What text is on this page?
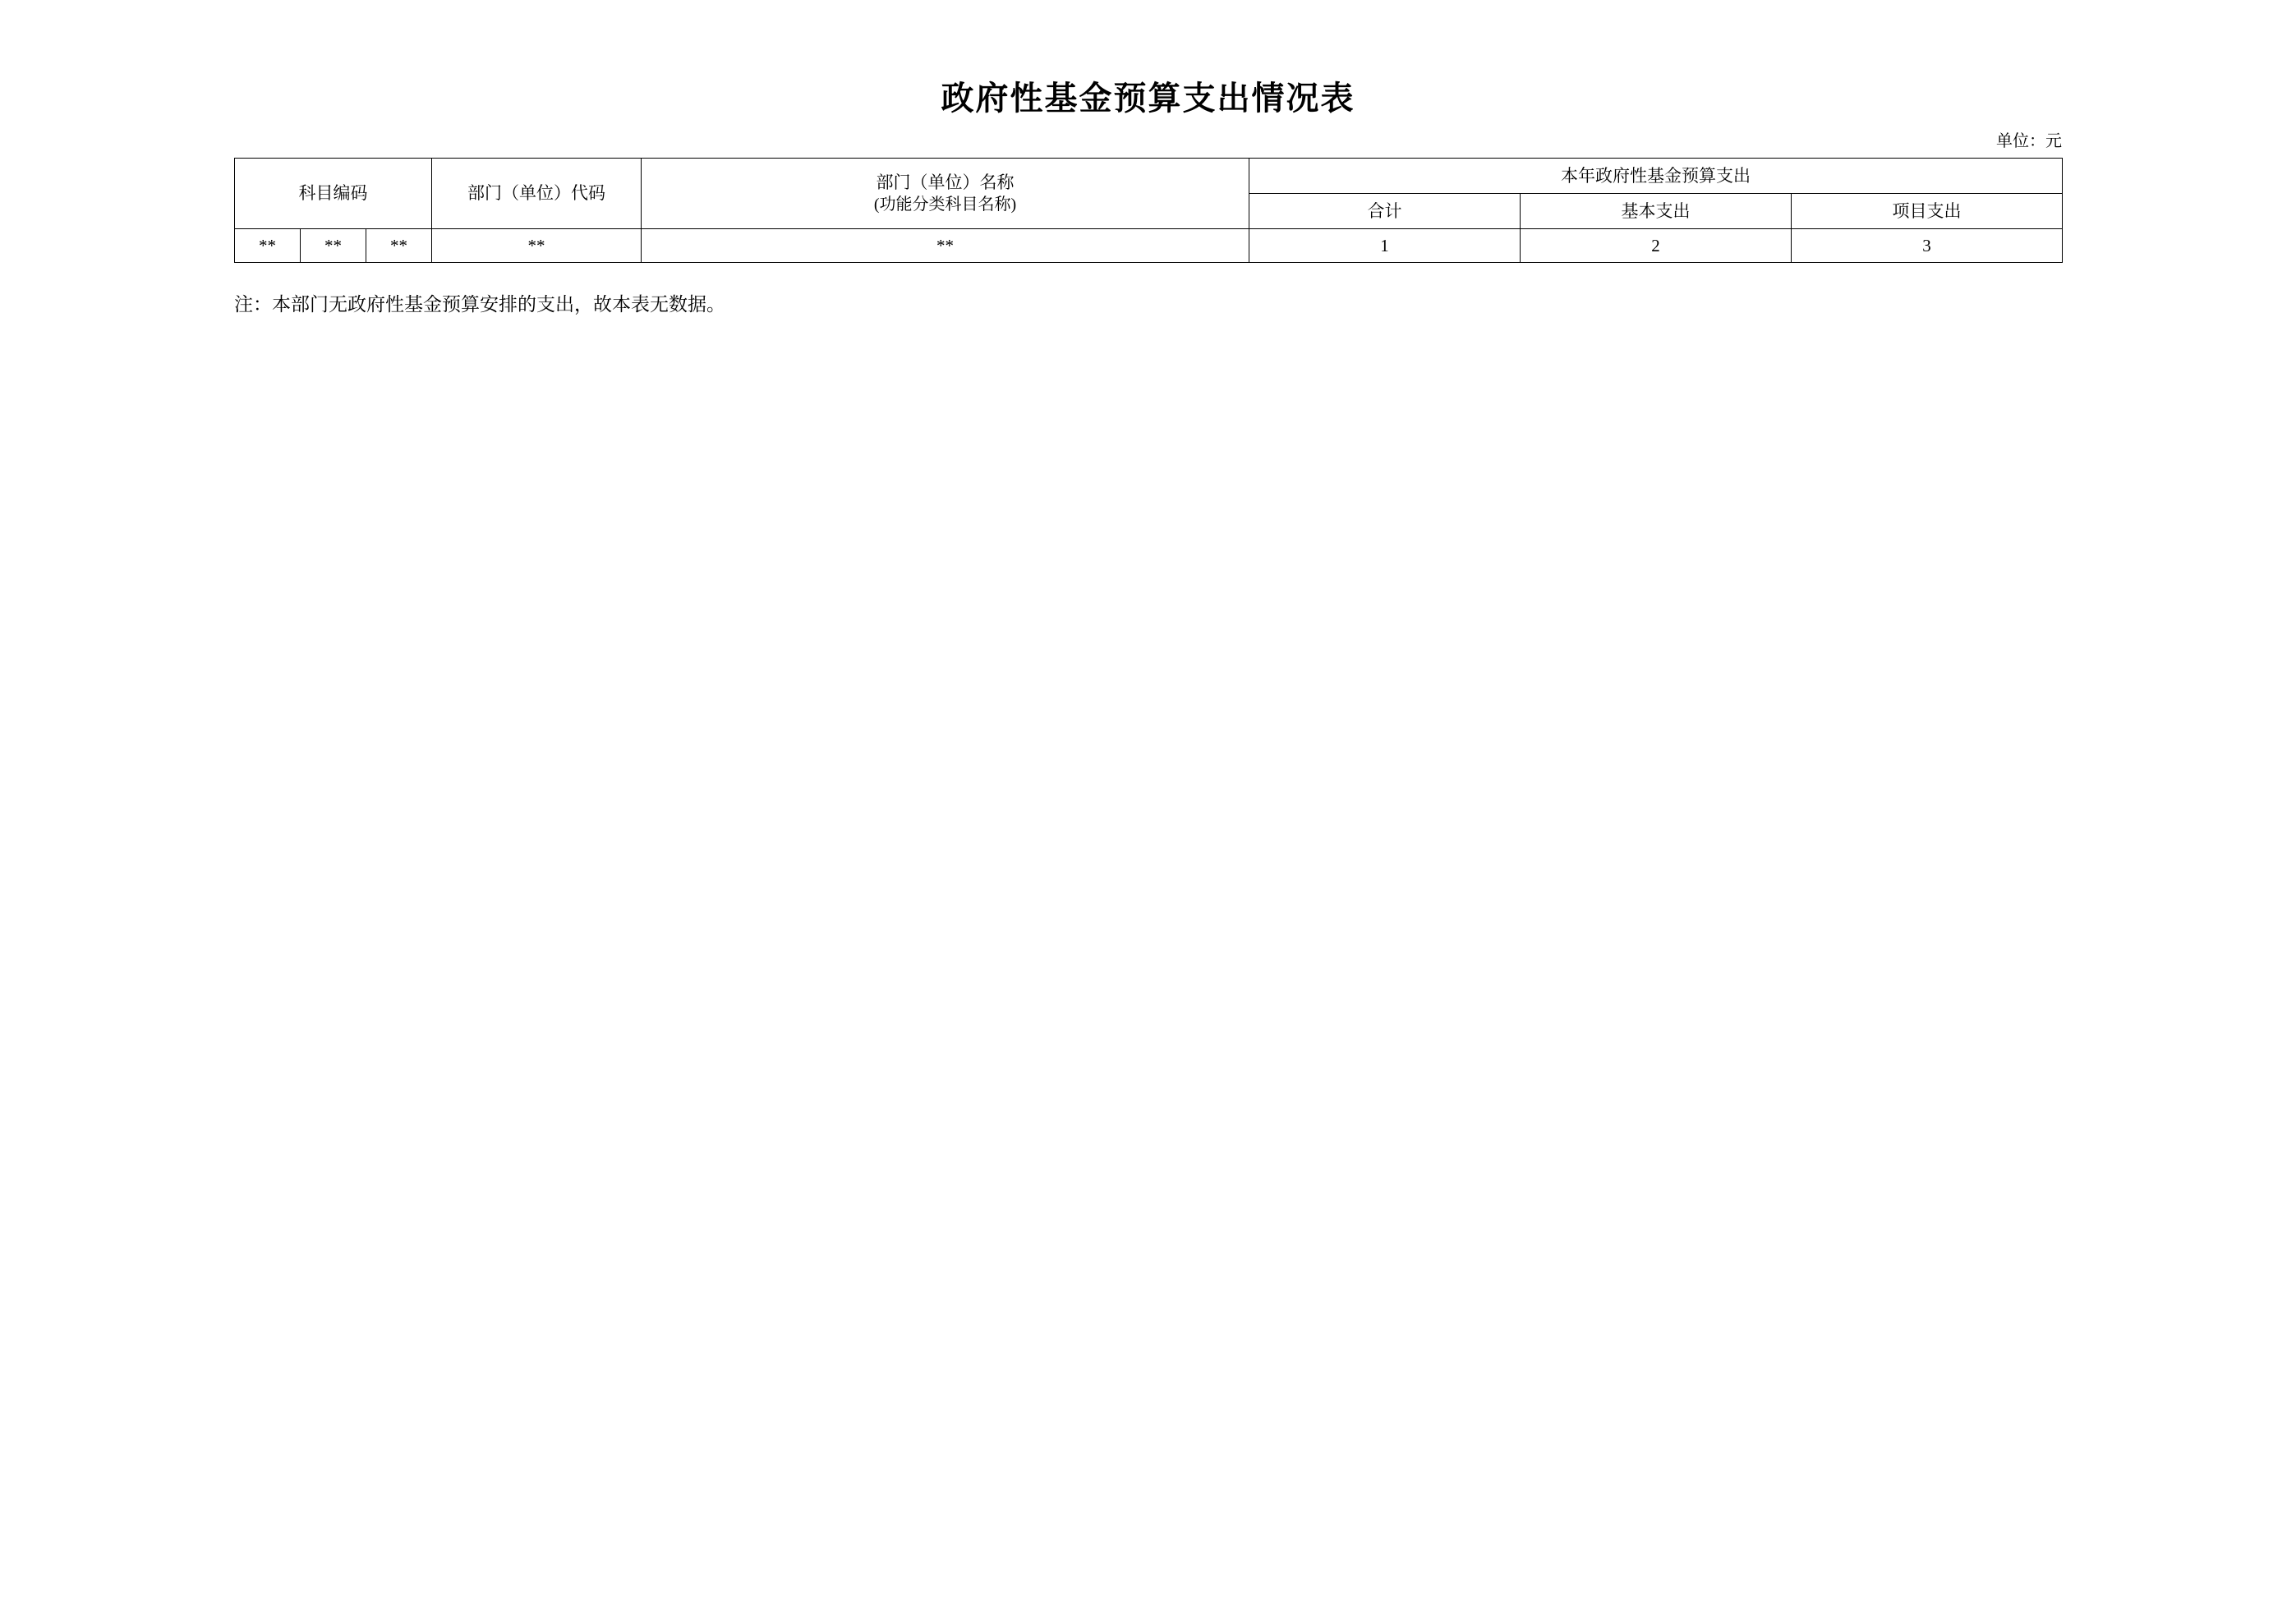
政府性基金预算支出情况表
单位：元
科目编码			部门（单位）代码	部门（单位）名称
(功能分类科目名称)	本年政府性基金预算支出		
					合计	基本支出	项目支出
**	**	**	**	**	1	2	3
注：本部门无政府性基金预算安排的支出，故本表无数据。
